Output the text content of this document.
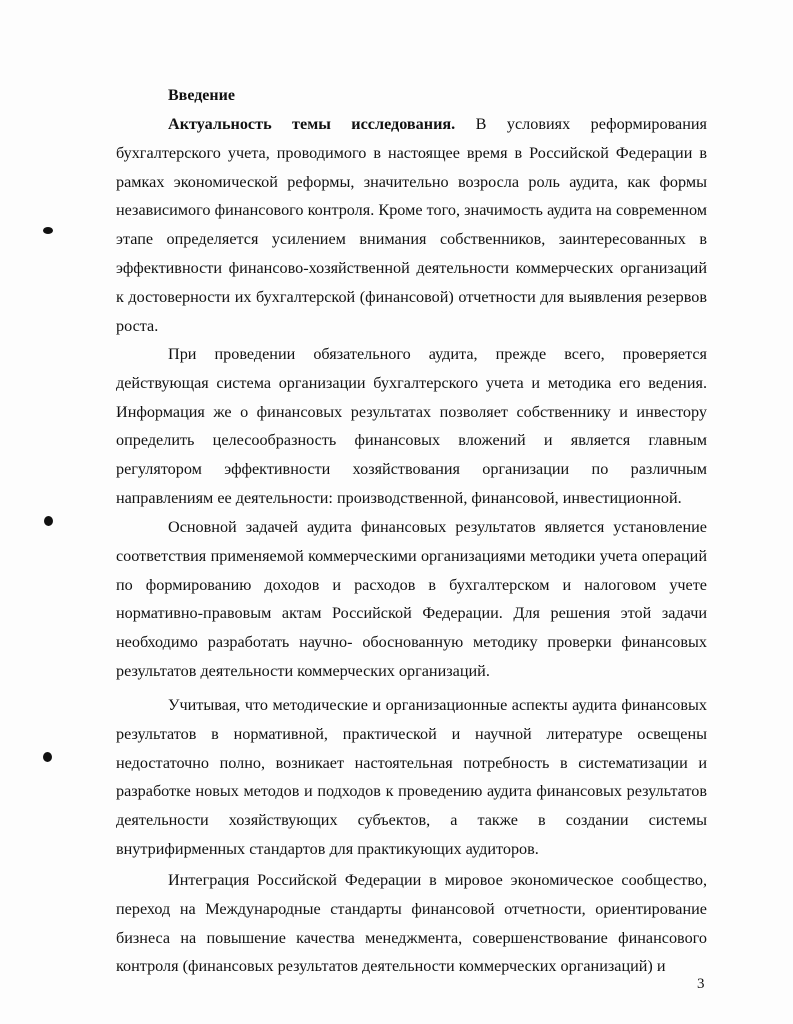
Введение

Актуальность темы исследования. В условиях реформирования бухгалтерского учета, проводимого в настоящее время в Российской Федерации в рамках экономической реформы, значительно возросла роль аудита, как формы независимого финансового контроля. Кроме того, значимость аудита на современном этапе определяется усилением внимания собственников, заинтересованных в эффективности финансово-хозяйственной деятельности коммерческих организаций к достоверности их бухгалтерской (финансовой) отчетности для выявления резервов роста.

При проведении обязательного аудита, прежде всего, проверяется действующая система организации бухгалтерского учета и методика его ведения. Информация же о финансовых результатах позволяет собственнику и инвестору определить целесообразность финансовых вложений и является главным регулятором эффективности хозяйствования организации по различным направлениям ее деятельности: производственной, финансовой, инвестиционной.

Основной задачей аудита финансовых результатов является установление соответствия применяемой коммерческими организациями методики учета операций по формированию доходов и расходов в бухгалтерском и налоговом учете нормативно-правовым актам Российской Федерации. Для решения этой задачи необходимо разработать научно- обоснованную методику проверки финансовых результатов деятельности коммерческих организаций.

Учитывая, что методические и организационные аспекты аудита финансовых результатов в нормативной, практической и научной литературе освещены недостаточно полно, возникает настоятельная потребность в систематизации и разработке новых методов и подходов к проведению аудита финансовых результатов деятельности хозяйствующих субъектов, а также в создании системы внутрифирменных стандартов для практикующих аудиторов.

Интеграция Российской Федерации в мировое экономическое сообщество, переход на Международные стандарты финансовой отчетности, ориентирование бизнеса на повышение качества менеджмента, совершенствование финансового контроля (финансовых результатов деятельности коммерческих организаций) и

3
